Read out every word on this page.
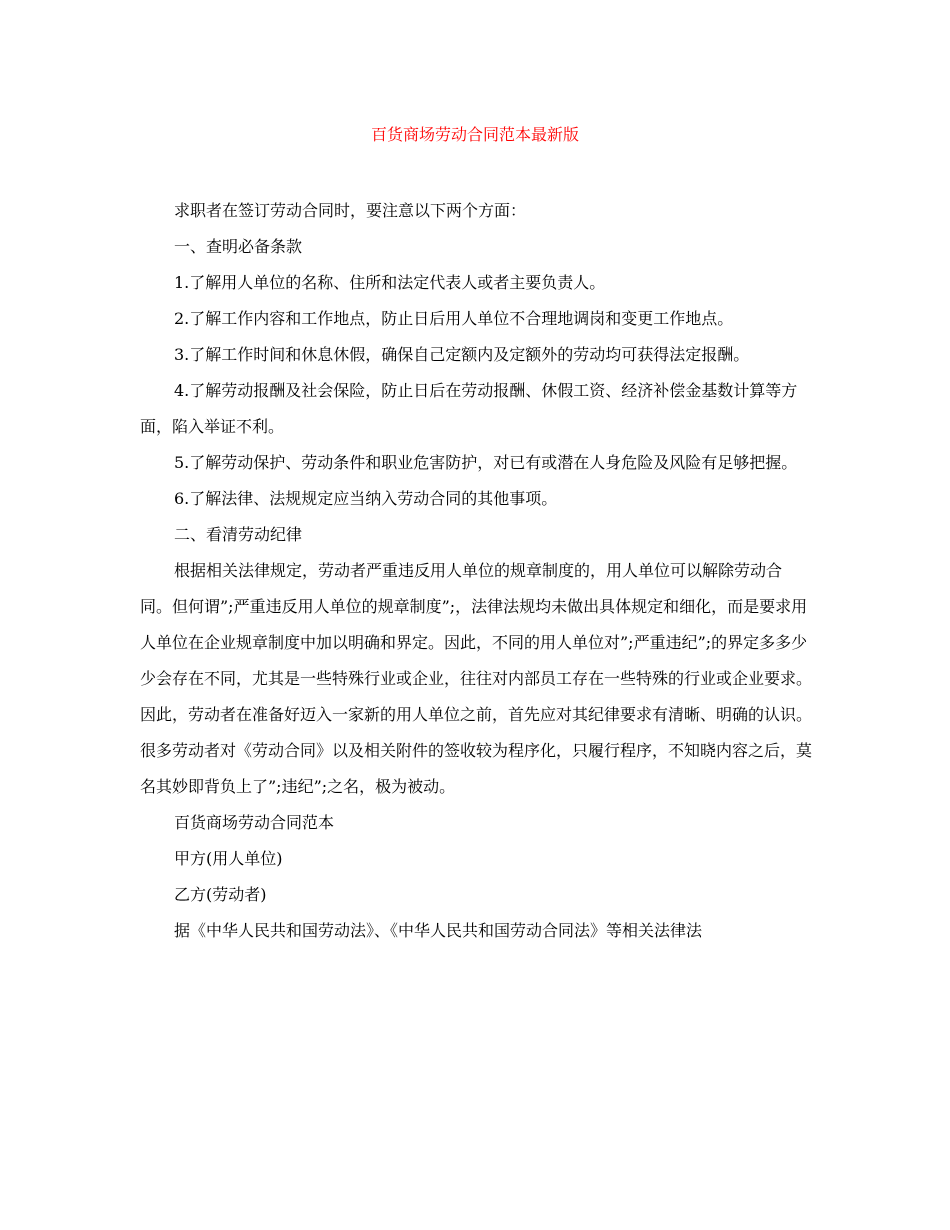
百货商场劳动合同范本最新版

求职者在签订劳动合同时，要注意以下两个方面：

一、查明必备条款

1.了解用人单位的名称、住所和法定代表人或者主要负责人。

2.了解工作内容和工作地点，防止日后用人单位不合理地调岗和变更工作地点。

3.了解工作时间和休息休假，确保自己定额内及定额外的劳动均可获得法定报酬。

4.了解劳动报酬及社会保险，防止日后在劳动报酬、休假工资、经济补偿金基数计算等方面，陷入举证不利。

5.了解劳动保护、劳动条件和职业危害防护，对已有或潜在人身危险及风险有足够把握。

6.了解法律、法规规定应当纳入劳动合同的其他事项。

二、看清劳动纪律

根据相关法律规定，劳动者严重违反用人单位的规章制度的，用人单位可以解除劳动合同。但何谓”;严重违反用人单位的规章制度”;，法律法规均未做出具体规定和细化，而是要求用人单位在企业规章制度中加以明确和界定。因此，不同的用人单位对”;严重违纪”;的界定多多少少会存在不同，尤其是一些特殊行业或企业，往往对内部员工存在一些特殊的行业或企业要求。因此，劳动者在准备好迈入一家新的用人单位之前，首先应对其纪律要求有清晰、明确的认识。很多劳动者对《劳动合同》以及相关附件的签收较为程序化，只履行程序，不知晓内容之后，莫名其妙即背负上了”;违纪”;之名，极为被动。

百货商场劳动合同范本

甲方(用人单位)

乙方(劳动者)

据《中华人民共和国劳动法》、《中华人民共和国劳动合同法》等相关法律法
